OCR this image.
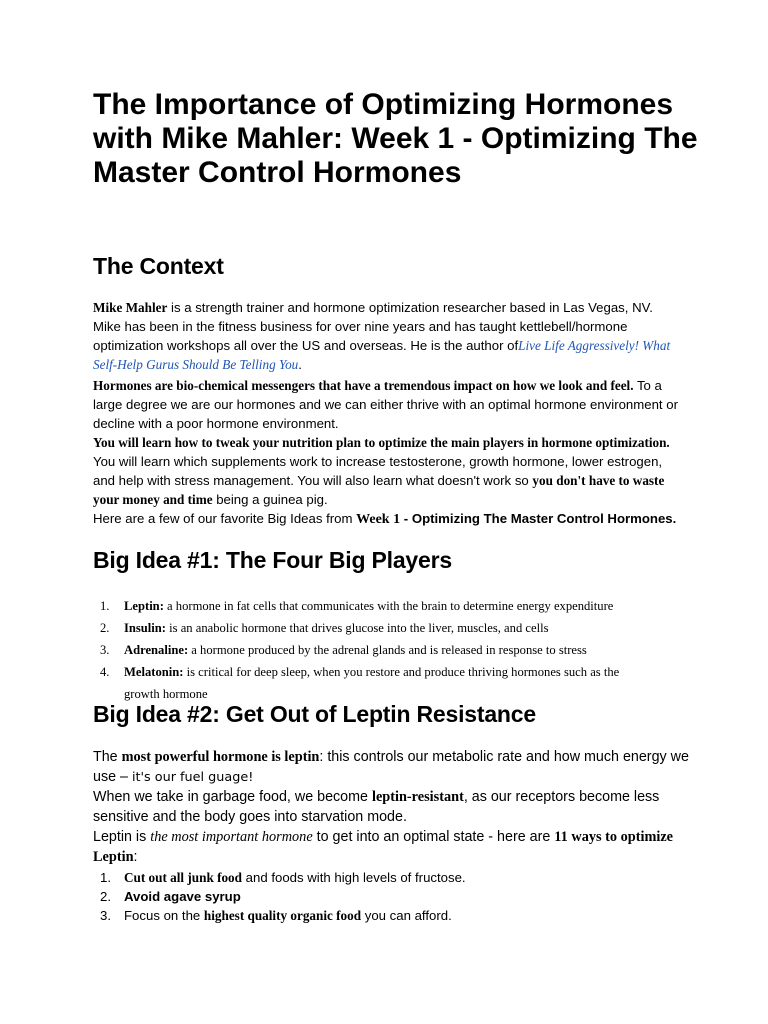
The Importance of Optimizing Hormones with Mike Mahler: Week 1 - Optimizing The Master Control Hormones
The Context

Mike Mahler is a strength trainer and hormone optimization researcher based in Las Vegas, NV. Mike has been in the fitness business for over nine years and has taught kettlebell/hormone optimization workshops all over the US and overseas. He is the author ofLive Life Aggressively! What Self-Help Gurus Should Be Telling You.

Hormones are bio-chemical messengers that have a tremendous impact on how we look and feel. To a large degree we are our hormones and we can either thrive with an optimal hormone environment or decline with a poor hormone environment.

You will learn how to tweak your nutrition plan to optimize the main players in hormone optimization. You will learn which supplements work to increase testosterone, growth hormone, lower estrogen, and help with stress management. You will also learn what doesn't work so you don't have to waste your money and time being a guinea pig.

Here are a few of our favorite Big Ideas from Week 1 - Optimizing The Master Control Hormones.

Big Idea #1: The Four Big Players
1. Leptin: a hormone in fat cells that communicates with the brain to determine energy expenditure
2. Insulin: is an anabolic hormone that drives glucose into the liver, muscles, and cells
3. Adrenaline: a hormone produced by the adrenal glands and is released in response to stress
4. Melatonin: is critical for deep sleep, when you restore and produce thriving hormones such as the growth hormone
Big Idea #2: Get Out of Leptin Resistance

The most powerful hormone is leptin: this controls our metabolic rate and how much energy we use – it's our fuel guage!

When we take in garbage food, we become leptin-resistant, as our receptors become less sensitive and the body goes into starvation mode.

Leptin is the most important hormone to get into an optimal state - here are 11 ways to optimize Leptin:

1. Cut out all junk food and foods with high levels of fructose.
2. Avoid agave syrup
3. Focus on the highest quality organic food you can afford.
